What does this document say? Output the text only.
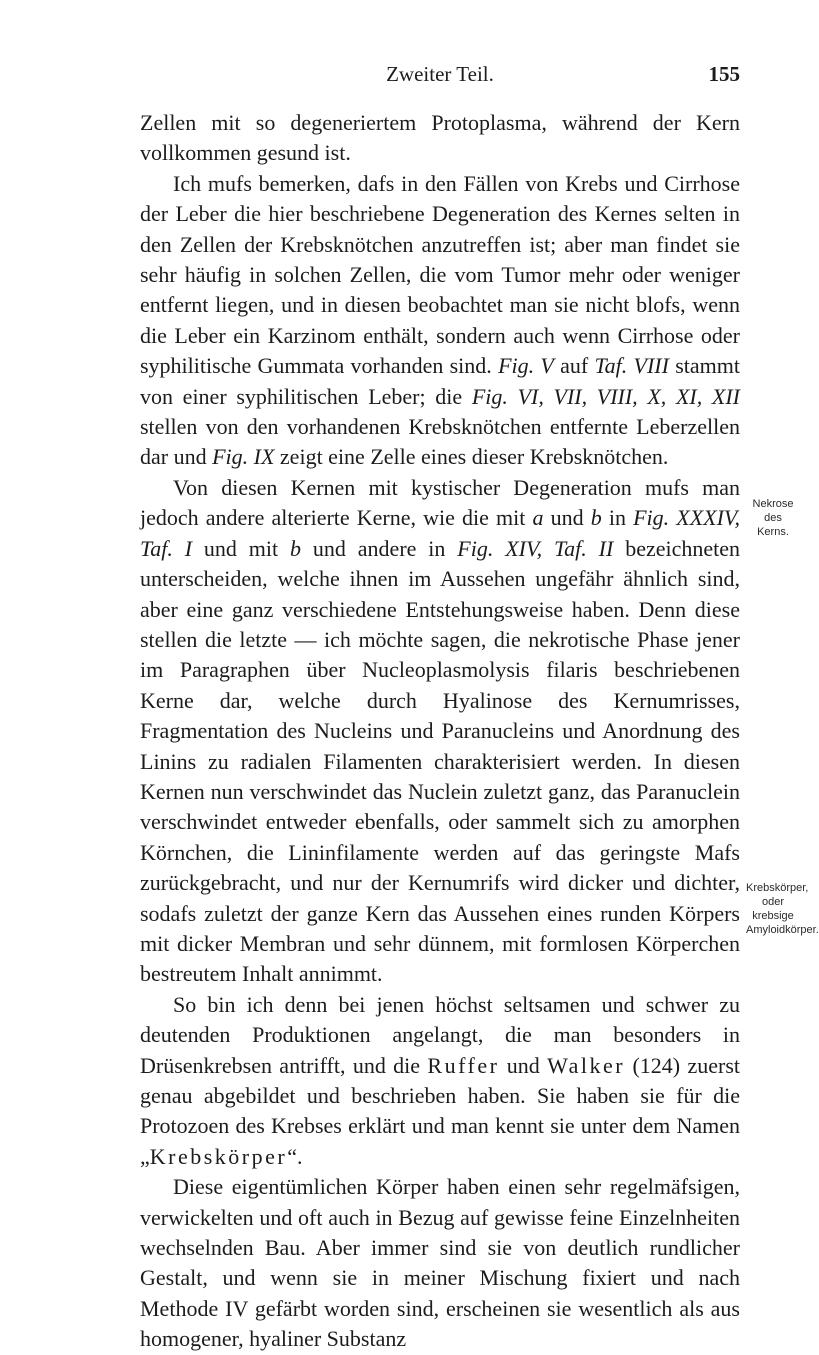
Zweiter Teil.	155

Zellen mit so degeneriertem Protoplasma, während der Kern vollkommen gesund ist.

Ich mufs bemerken, dafs in den Fällen von Krebs und Cirrhose der Leber die hier beschriebene Degeneration des Kernes selten in den Zellen der Krebsknötchen anzutreffen ist; aber man findet sie sehr häufig in solchen Zellen, die vom Tumor mehr oder weniger entfernt liegen, und in diesen beobachtet man sie nicht blofs, wenn die Leber ein Karzinom enthält, sondern auch wenn Cirrhose oder syphilitische Gummata vorhanden sind. Fig. V auf Taf. VIII stammt von einer syphilitischen Leber; die Fig. VI, VII, VIII, X, XI, XII stellen von den vorhandenen Krebsknötchen entfernte Leberzellen dar und Fig. IX zeigt eine Zelle eines dieser Krebsknötchen.

Von diesen Kernen mit kystischer Degeneration mufs man jedoch andere alterierte Kerne, wie die mit a und b in Fig. XXXIV, Taf. I und mit b und andere in Fig. XIV, Taf. II bezeichneten unterscheiden, welche ihnen im Aussehen ungefähr ähnlich sind, aber eine ganz verschiedene Entstehungsweise haben. Denn diese stellen die letzte — ich möchte sagen, die nekrotische Phase jener im Paragraphen über Nucleoplasmolysis filaris beschriebenen Kerne dar, welche durch Hyalinose des Kernumrisses, Fragmentation des Nucleins und Paranucleins und Anordnung des Linins zu radialen Filamenten charakterisiert werden. In diesen Kernen nun verschwindet das Nuclein zuletzt ganz, das Paranuclein verschwindet entweder ebenfalls, oder sammelt sich zu amorphen Körnchen, die Lininfilamente werden auf das geringste Mafs zurückgebracht, und nur der Kernumrifs wird dicker und dichter, sodafs zuletzt der ganze Kern das Aussehen eines runden Körpers mit dicker Membran und sehr dünnem, mit formlosen Körperchen bestreutem Inhalt annimmt.

So bin ich denn bei jenen höchst seltsamen und schwer zu deutenden Produktionen angelangt, die man besonders in Drüsenkrebsen antrifft, und die Ruffer und Walker (124) zuerst genau abgebildet und beschrieben haben. Sie haben sie für die Protozoen des Krebses erklärt und man kennt sie unter dem Namen „Krebskörper“.

Diese eigentümlichen Körper haben einen sehr regelmäfsigen, verwickelten und oft auch in Bezug auf gewisse feine Einzelnheiten wechselnden Bau. Aber immer sind sie von deutlich rundlicher Gestalt, und wenn sie in meiner Mischung fixiert und nach Methode IV gefärbt worden sind, erscheinen sie wesentlich als aus homogener, hyaliner Substanz

Nekrose des Kerns.
Krebskörper, oder krebsige Amyloidkörper.
